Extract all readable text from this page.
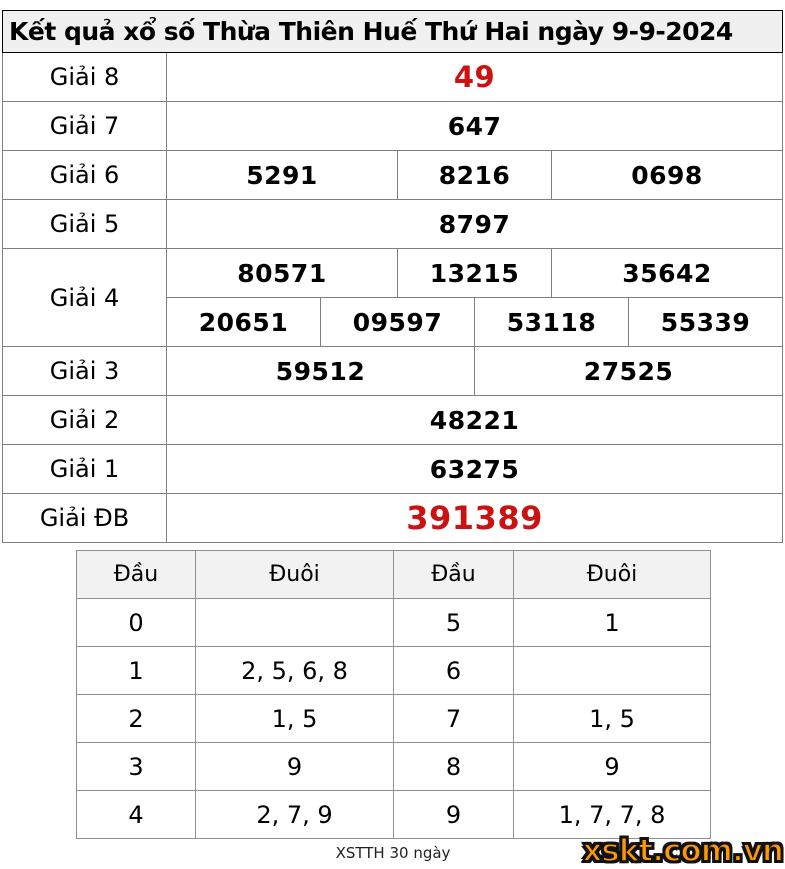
Kết quả xổ số Thừa Thiên Huế Thứ Hai ngày 9-9-2024						
Giải 8	49					
Giải 7	647					
Giải 6	5291		8216		0698	
Giải 5	8797					
Giải 4	80571		13215		35642	
	20651	09597		53118		55339
Giải 3	59512			27525		
Giải 2	48221					
Giải 1	63275					
Giải ĐB	391389					
Đầu	Đuôi	Đầu	Đuôi
0		5	1
1	2, 5, 6, 8	6	
2	1, 5	7	1, 5
3	9	8	9
4	2, 7, 9	9	1, 7, 7, 8
XSTTH 30 ngày	xskt.com.vn
